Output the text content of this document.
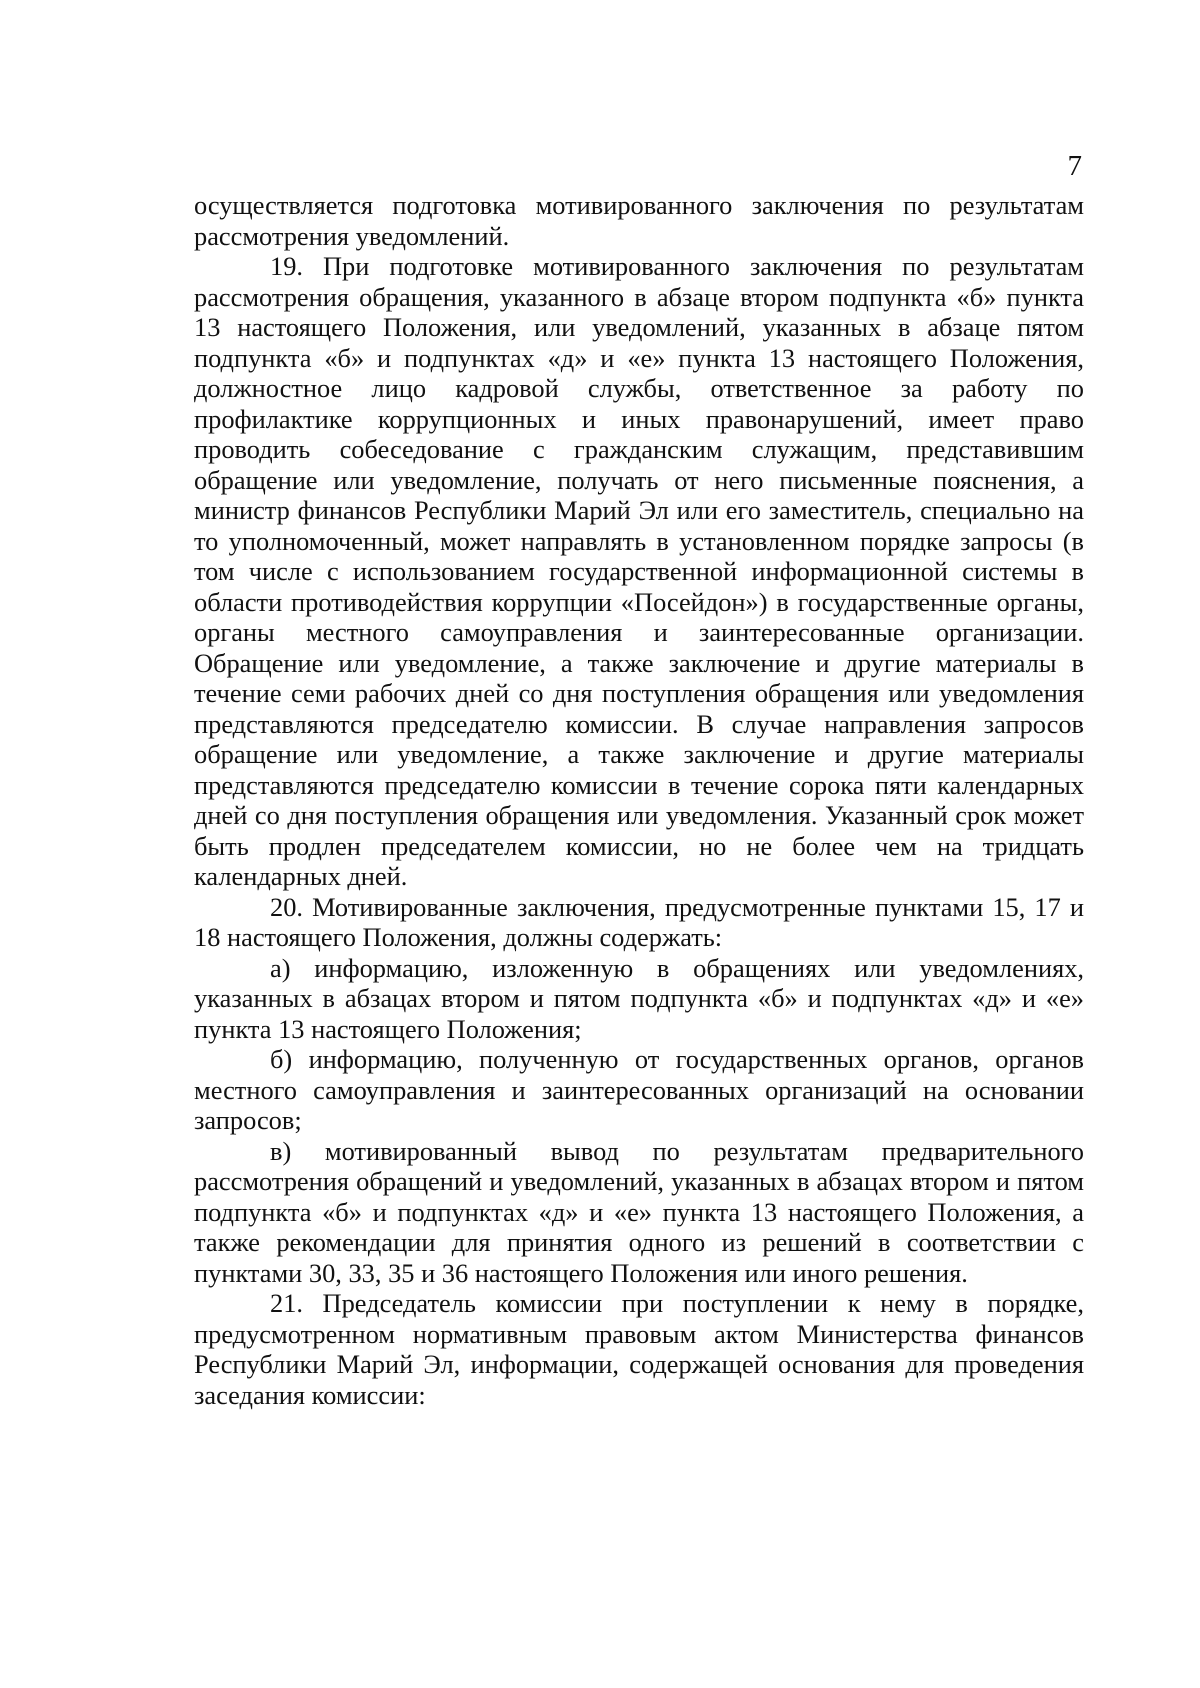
7

осуществляется подготовка мотивированного заключения по результатам рассмотрения уведомлений.

19. При подготовке мотивированного заключения по результатам рассмотрения обращения, указанного в абзаце втором подпункта «б» пункта 13 настоящего Положения, или уведомлений, указанных в абзаце пятом подпункта «б» и подпунктах «д» и «е» пункта 13 настоящего Положения, должностное лицо кадровой службы, ответственное за работу по профилактике коррупционных и иных правонарушений, имеет право проводить собеседование с гражданским служащим, представившим обращение или уведомление, получать от него письменные пояснения, а министр финансов Республики Марий Эл или его заместитель, специально на то уполномоченный, может направлять в установленном порядке запросы (в том числе с использованием государственной информационной системы в области противодействия коррупции «Посейдон») в государственные органы, органы местного самоуправления и заинтересованные организации. Обращение или уведомление, а также заключение и другие материалы в течение семи рабочих дней со дня поступления обращения или уведомления представляются председателю комиссии. В случае направления запросов обращение или уведомление, а также заключение и другие материалы представляются председателю комиссии в течение сорока пяти календарных дней со дня поступления обращения или уведомления. Указанный срок может быть продлен председателем комиссии, но не более чем на тридцать календарных дней.

20. Мотивированные заключения, предусмотренные пунктами 15, 17 и 18 настоящего Положения, должны содержать:

а) информацию, изложенную в обращениях или уведомлениях, указанных в абзацах втором и пятом подпункта «б» и подпунктах «д» и «е» пункта 13 настоящего Положения;

б) информацию, полученную от государственных органов, органов местного самоуправления и заинтересованных организаций на основании запросов;

в) мотивированный вывод по результатам предварительного рассмотрения обращений и уведомлений, указанных в абзацах втором и пятом подпункта «б» и подпунктах «д» и «е» пункта 13 настоящего Положения, а также рекомендации для принятия одного из решений в соответствии с пунктами 30, 33, 35 и 36 настоящего Положения или иного решения.

21. Председатель комиссии при поступлении к нему в порядке, предусмотренном нормативным правовым актом Министерства финансов Республики Марий Эл, информации, содержащей основания для проведения заседания комиссии:
